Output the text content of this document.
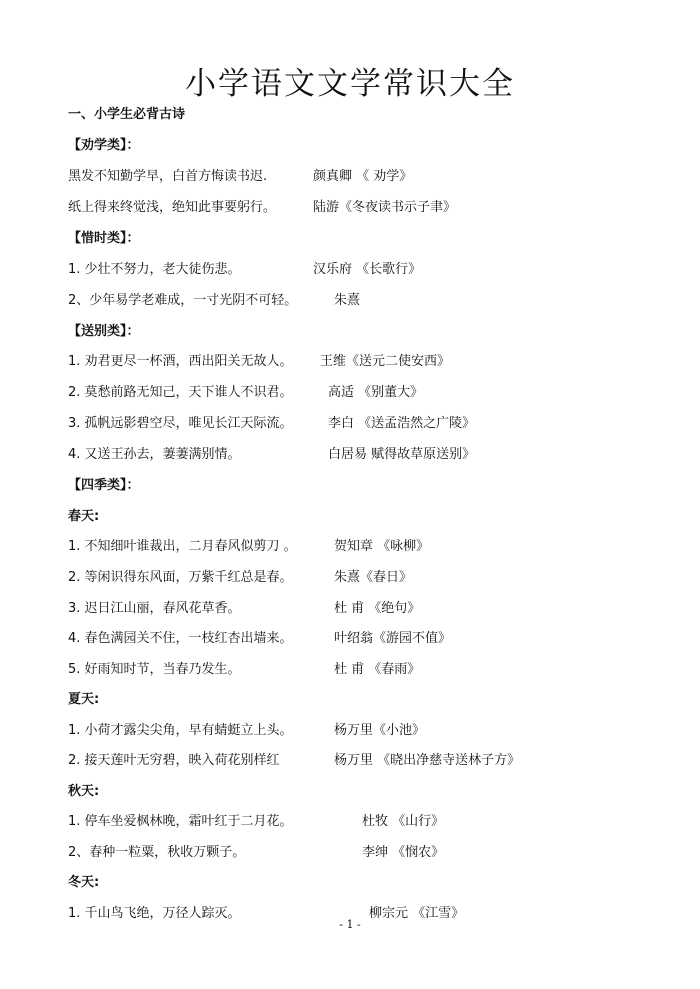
小学语文文学常识大全
一、小学生必背古诗
【劝学类】：
黑发不知勤学早，白首方悔读书迟.	颜真卿 《 劝学》
纸上得来终觉浅，绝知此事要躬行。	陆游《冬夜读书示子聿》
【惜时类】：
1. 少壮不努力，老大徒伤悲。	汉乐府 《长歌行》
2、少年易学老难成，一寸光阴不可轻。	朱熹
【送别类】：
1. 劝君更尽一杯酒，西出阳关无故人。 王维《送元二使安西》
2. 莫愁前路无知己，天下谁人不识君。	高适 《别董大》
3. 孤帆远影碧空尽，唯见长江天际流。	李白 《送孟浩然之广陵》
4. 又送王孙去，萋萋满别情。	白居易 赋得故草原送别》
【四季类】：
春天:
1. 不知细叶谁裁出，二月春风似剪刀 。	贺知章 《咏柳》
2. 等闲识得东风面，万紫千红总是春。	朱熹《春日》
3. 迟日江山丽，春风花草香。	杜 甫 《绝句》
4. 春色满园关不住，一枝红杏出墙来。	叶绍翁《游园不值》
5. 好雨知时节，当春乃发生。	杜 甫 《春雨》
夏天:
1. 小荷才露尖尖角，早有蜻蜓立上头。	杨万里《小池》
2. 接天莲叶无穷碧，映入荷花别样红	杨万里 《晓出净慈寺送林子方》
秋天:
1. 停车坐爱枫林晚，霜叶红于二月花。	杜牧 《山行》
2、春种一粒粟，秋收万颗子。	李绅 《悯农》
冬天:
1. 千山鸟飞绝，万径人踪灭。	柳宗元 《江雪》
- 1 -
